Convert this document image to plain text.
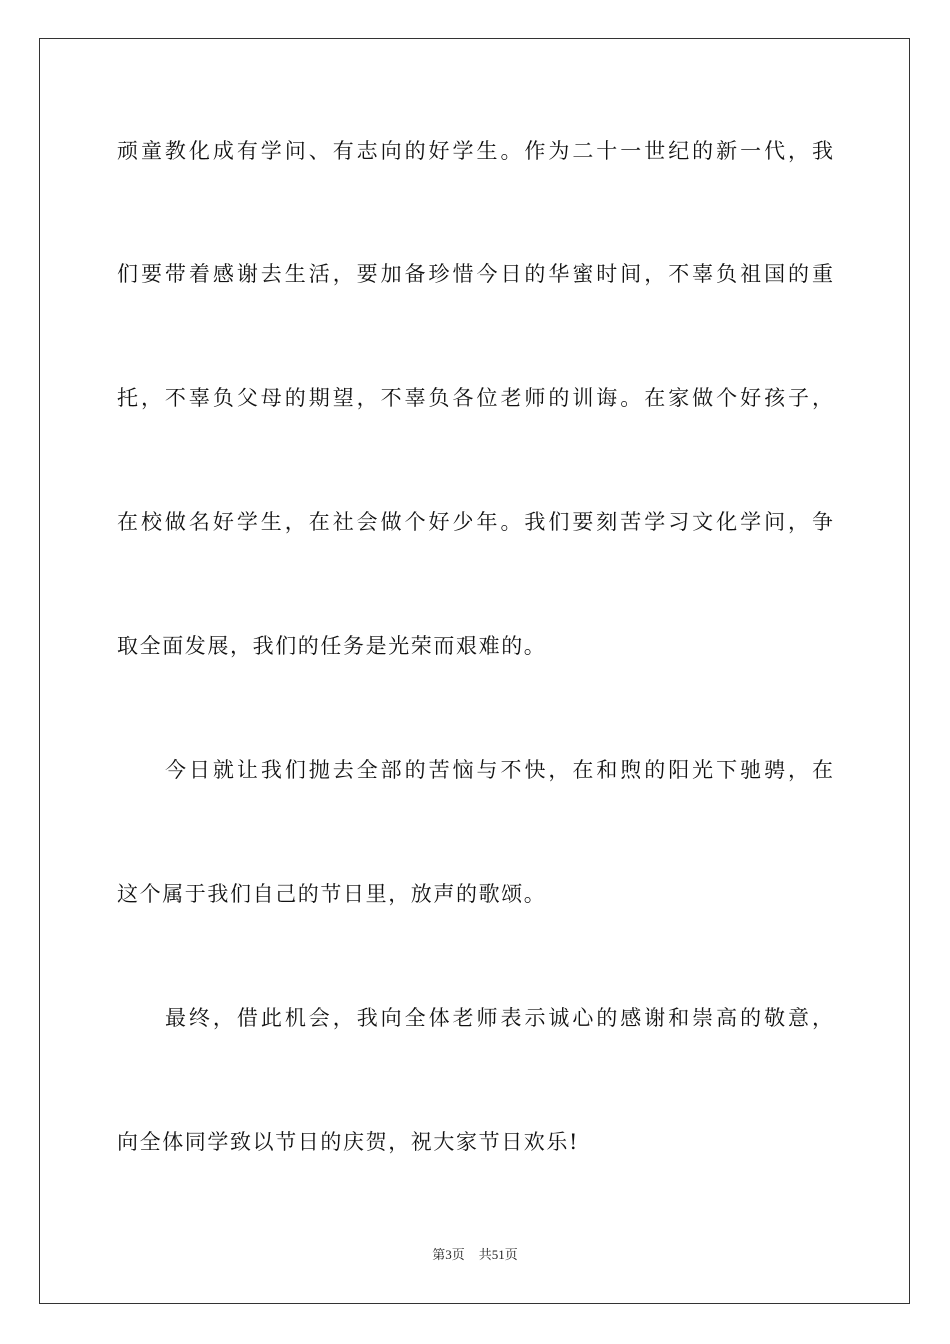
顽童教化成有学问、有志向的好学生。作为二十一世纪的新一代，我
们要带着感谢去生活，要加备珍惜今日的华蜜时间，不辜负祖国的重
托，不辜负父母的期望，不辜负各位老师的训诲。在家做个好孩子，
在校做名好学生，在社会做个好少年。我们要刻苦学习文化学问，争
取全面发展，我们的任务是光荣而艰难的。
今日就让我们抛去全部的苦恼与不快，在和煦的阳光下驰骋，在
这个属于我们自己的节日里，放声的歌颂。
最终，借此机会，我向全体老师表示诚心的感谢和崇高的敬意，
向全体同学致以节日的庆贺，祝大家节日欢乐!
第3页 共51页
